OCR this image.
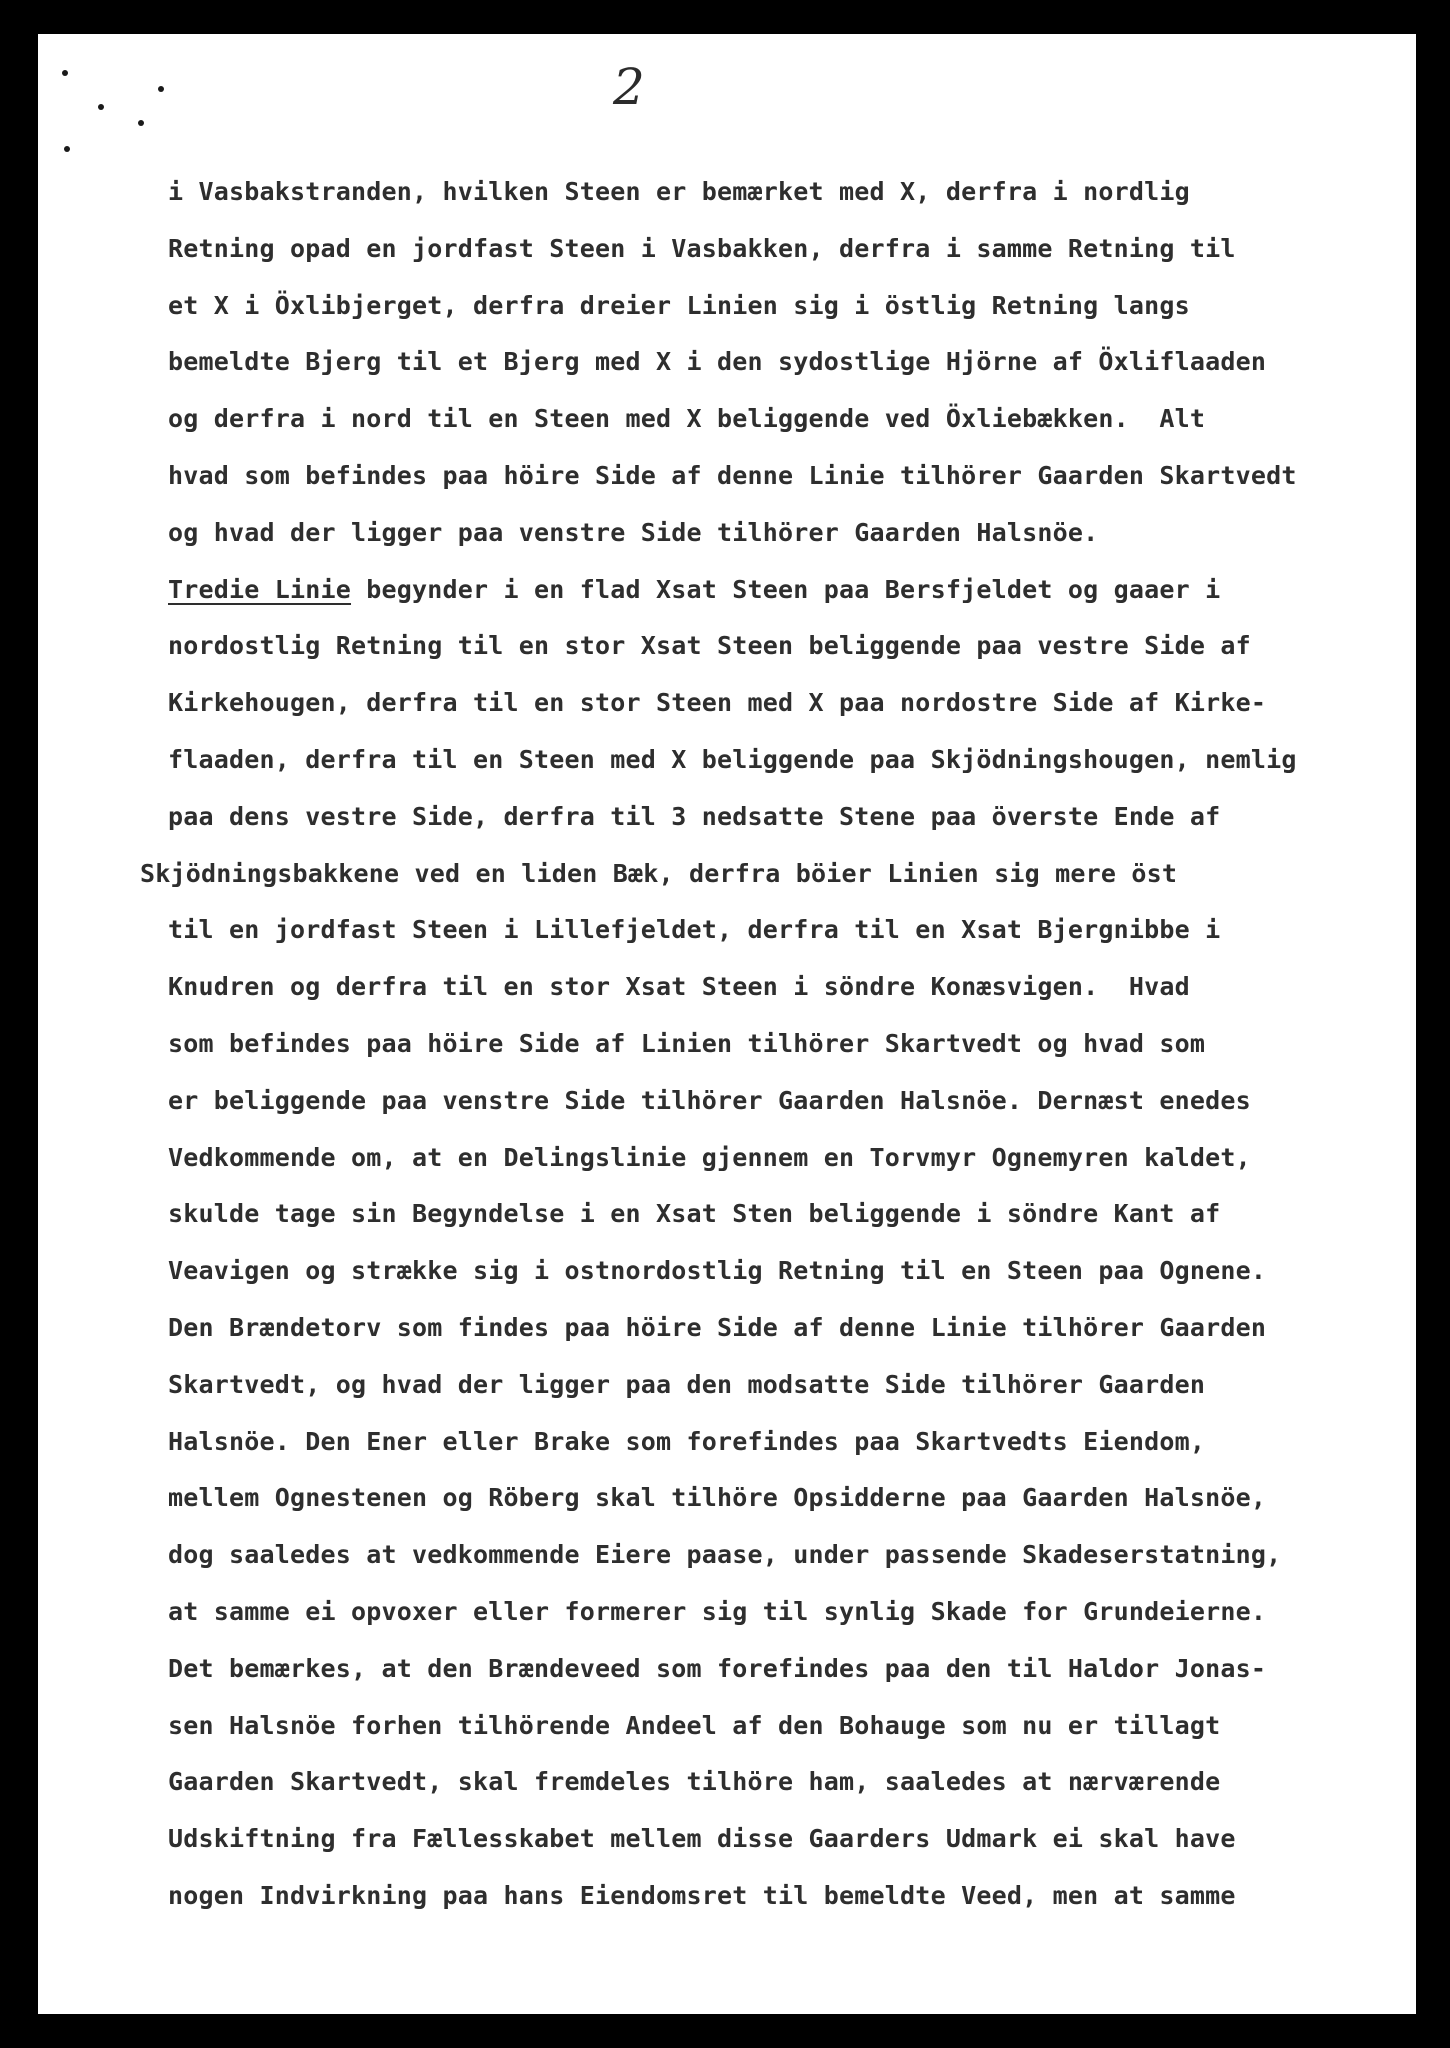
2

i Vasbakstranden, hvilken Steen er bemærket med X, derfra i nordlig
Retning opad en jordfast Steen i Vasbakken, derfra i samme Retning til
et X i Öxlibjerget, derfra dreier Linien sig i östlig Retning langs
bemeldte Bjerg til et Bjerg med X i den sydostlige Hjörne af Öxliflaaden
og derfra i nord til en Steen med X beliggende ved Öxliebækken.  Alt
hvad som befindes paa höire Side af denne Linie tilhörer Gaarden Skartvedt
og hvad der ligger paa venstre Side tilhörer Gaarden Halsnöe.
Tredie Linie begynder i en flad Xsat Steen paa Bersfjeldet og gaaer i
nordostlig Retning til en stor Xsat Steen beliggende paa vestre Side af
Kirkehougen, derfra til en stor Steen med X paa nordostre Side af Kirke-
flaaden, derfra til en Steen med X beliggende paa Skjödningshougen, nemlig
paa dens vestre Side, derfra til 3 nedsatte Stene paa överste Ende af
Skjödningsbakkene ved en liden Bæk, derfra böier Linien sig mere öst
til en jordfast Steen i Lillefjeldet, derfra til en Xsat Bjergnibbe i
Knudren og derfra til en stor Xsat Steen i söndre Konæsvigen.  Hvad
som befindes paa höire Side af Linien tilhörer Skartvedt og hvad som
er beliggende paa venstre Side tilhörer Gaarden Halsnöe. Dernæst enedes
Vedkommende om, at en Delingslinie gjennem en Torvmyr Ognemyren kaldet,
skulde tage sin Begyndelse i en Xsat Sten beliggende i söndre Kant af
Veavigen og strække sig i ostnordostlig Retning til en Steen paa Ognene.
Den Brændetorv som findes paa höire Side af denne Linie tilhörer Gaarden
Skartvedt, og hvad der ligger paa den modsatte Side tilhörer Gaarden
Halsnöe. Den Ener eller Brake som forefindes paa Skartvedts Eiendom,
mellem Ognestenen og Röberg skal tilhöre Opsidderne paa Gaarden Halsnöe,
dog saaledes at vedkommende Eiere paase, under passende Skadeserstatning,
at samme ei opvoxer eller formerer sig til synlig Skade for Grundeierne.
Det bemærkes, at den Brændeveed som forefindes paa den til Haldor Jonas-
sen Halsnöe forhen tilhörende Andeel af den Bohauge som nu er tillagt
Gaarden Skartvedt, skal fremdeles tilhöre ham, saaledes at nærværende
Udskiftning fra Fællesskabet mellem disse Gaarders Udmark ei skal have
nogen Indvirkning paa hans Eiendomsret til bemeldte Veed, men at samme
